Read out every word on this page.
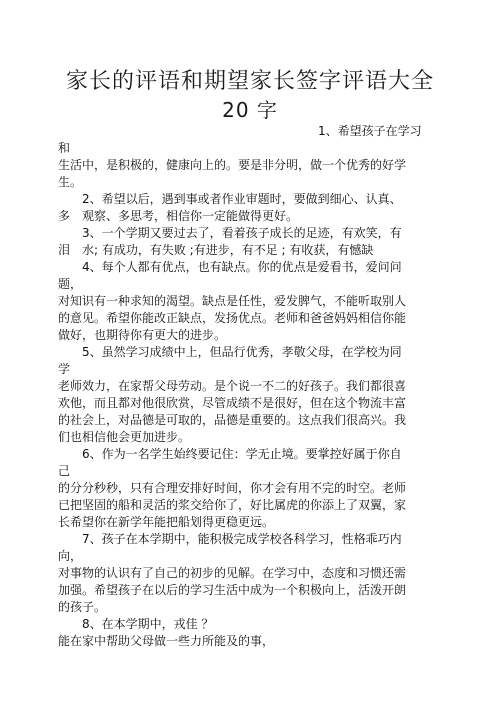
家长的评语和期望家长签字评语大全
20 字
1、希望孩子在学习
和
生活中，是积极的，健康向上的。要是非分明，做一个优秀的好学
生。
　　2、希望以后，遇到事或者作业审题时，要做到细心、认真、
多　观察、多思考，相信你一定能做得更好。
　　3、一个学期又要过去了，看着孩子成长的足迹，有欢笑，有
泪　水; 有成功，有失败 ;有进步，有不足 ; 有收获，有憾缺
　　4、每个人都有优点，也有缺点。你的优点是爱看书，爱问问
题，
对知识有一种求知的渴望。缺点是任性，爱发脾气，不能听取别人
的意见。希望你能改正缺点，发扬优点。老师和爸爸妈妈相信你能
做好，也期待你有更大的进步。
　　5、虽然学习成绩中上，但品行优秀，孝敬父母，在学校为同
学
老师效力，在家帮父母劳动。是个说一不二的好孩子。我们都很喜
欢他，而且都对他很欣赏，尽管成绩不是很好，但在这个物流丰富
的社会上，对品德是可取的，品德是重要的。这点我们很高兴。我
们也相信他会更加进步。
　　6、作为一名学生始终要记住：学无止境。要掌控好属于你自
己
的分分秒秒，只有合理安排好时间，你才会有用不完的时空。老师
已把坚固的船和灵活的浆交给你了，好比属虎的你添上了双翼，家
长希望你在新学年能把船划得更稳更远。
　　7、孩子在本学期中，能积极完成学校各科学习，性格乖巧内
向，
对事物的认识有了自己的初步的见解。在学习中，态度和习惯还需
加强。希望孩子在以后的学习生活中成为一个积极向上，活泼开朗
的孩子。
　　8、在本学期中，戎佳 ？
能在家中帮助父母做一些力所能及的事，
